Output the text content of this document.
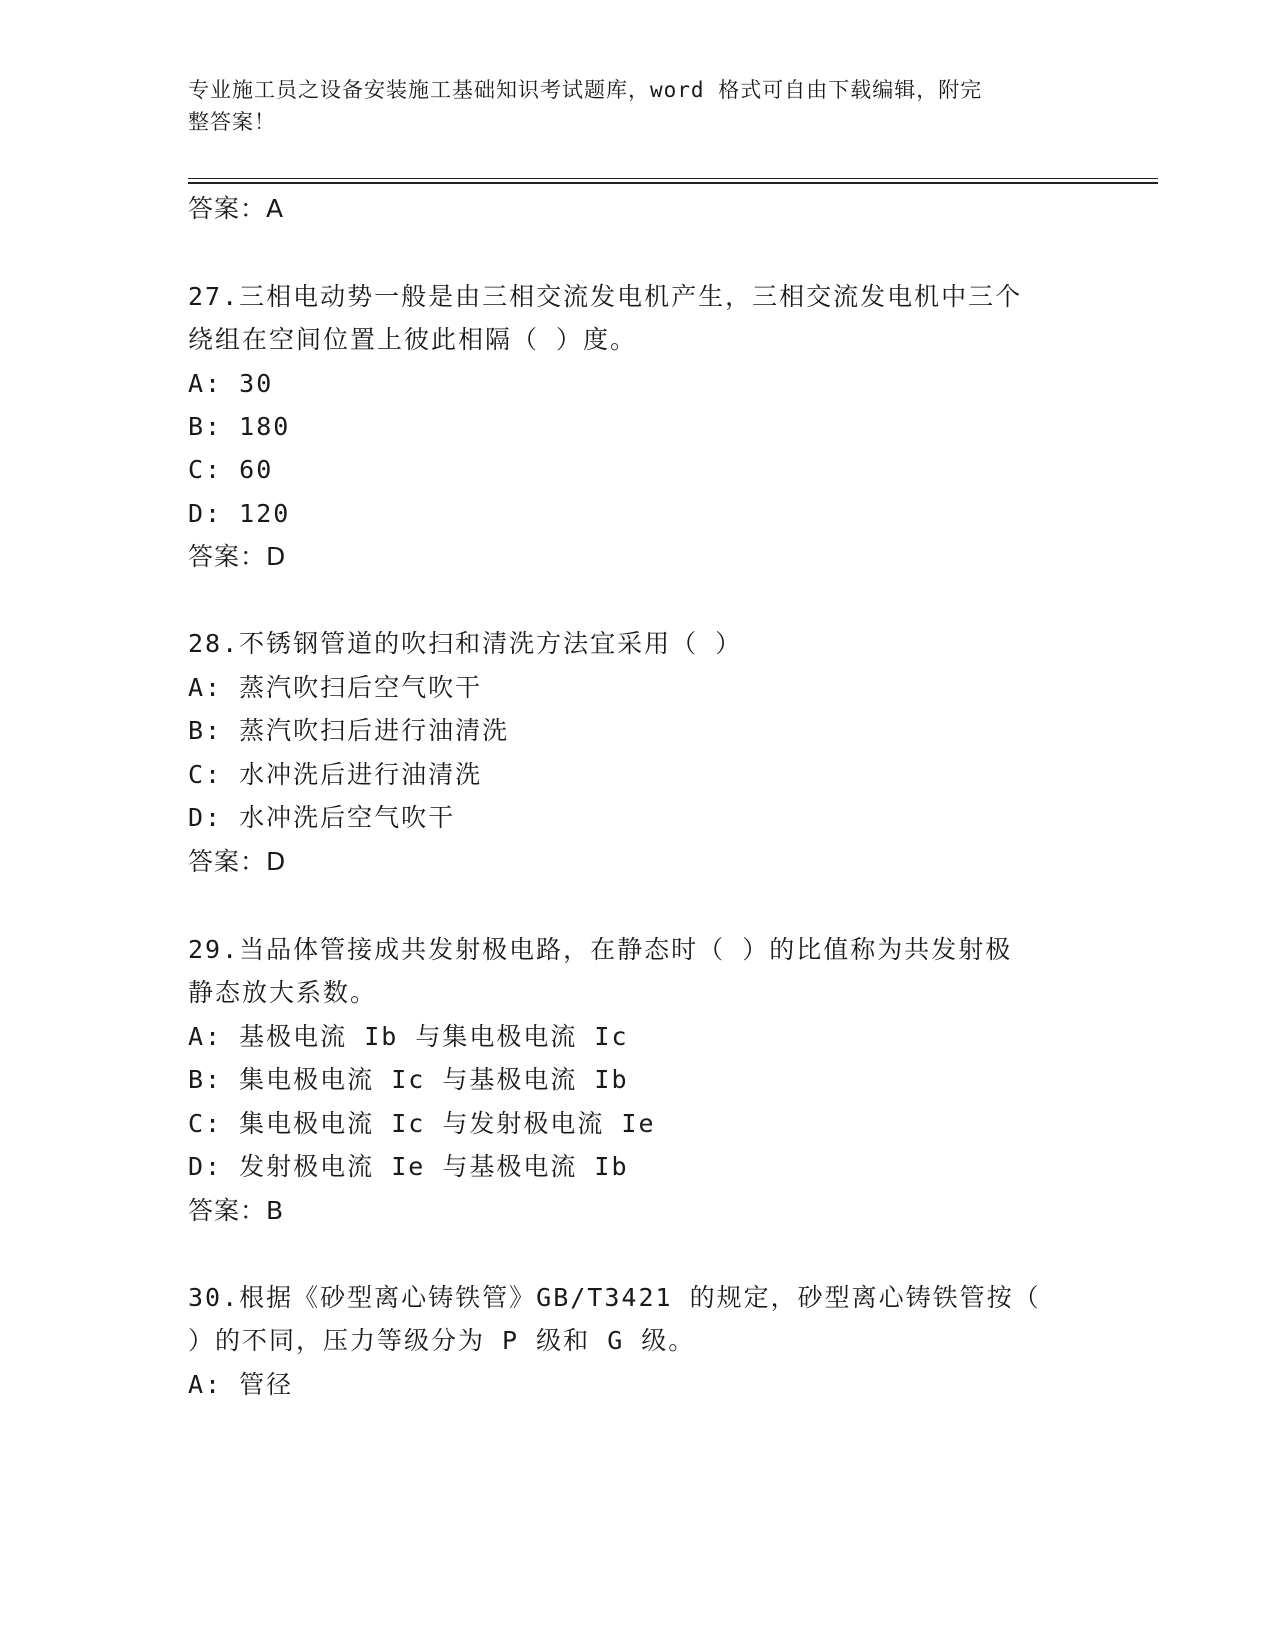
专业施工员之设备安装施工基础知识考试题库，word 格式可自由下载编辑，附完
整答案！
答案：A
27.三相电动势一般是由三相交流发电机产生，三相交流发电机中三个
绕组在空间位置上彼此相隔（ ）度。
A: 30
B: 180
C: 60
D: 120
答案：D
28.不锈钢管道的吹扫和清洗方法宜采用（ ）
A: 蒸汽吹扫后空气吹干
B: 蒸汽吹扫后进行油清洗
C: 水冲洗后进行油清洗
D: 水冲洗后空气吹干
答案：D
29.当品体管接成共发射极电路，在静态时（ ）的比值称为共发射极
静态放大系数。
A: 基极电流 Ib 与集电极电流 Ic
B: 集电极电流 Ic 与基极电流 Ib
C: 集电极电流 Ic 与发射极电流 Ie
D: 发射极电流 Ie 与基极电流 Ib
答案：B
30.根据《砂型离心铸铁管》GB/T3421 的规定，砂型离心铸铁管按（
）的不同，压力等级分为 P 级和 G 级。
A: 管径
